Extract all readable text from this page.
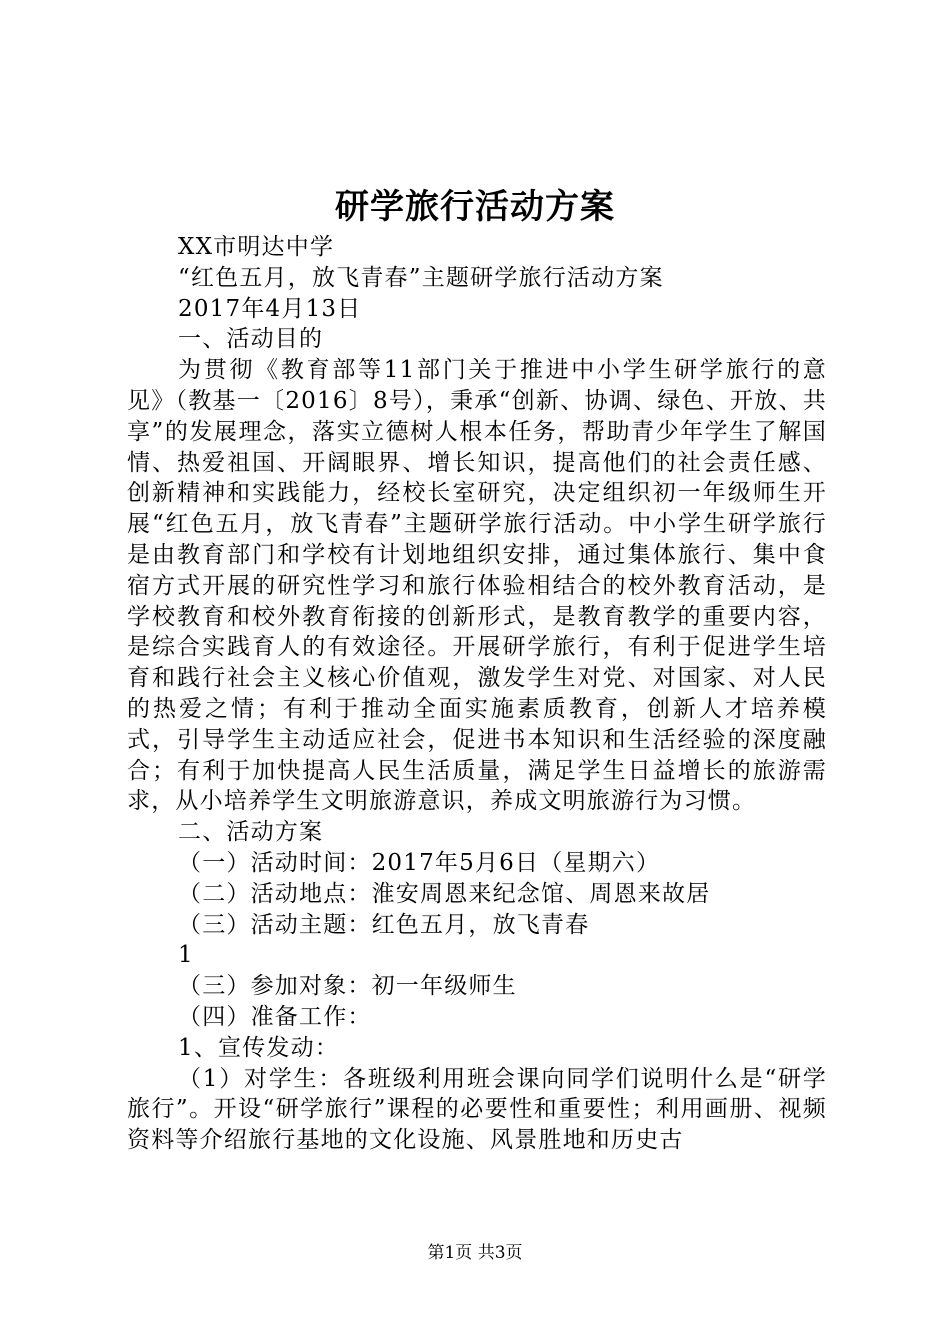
研学旅行活动方案
XX市明达中学
“红色五月，放飞青春”主题研学旅行活动方案
2017年4月13日
一、活动目的

为贯彻《教育部等11部门关于推进中小学生研学旅行的意见》（教基一〔2016〕8号），秉承“创新、协调、绿色、开放、共享”的发展理念，落实立德树人根本任务，帮助青少年学生了解国情、热爱祖国、开阔眼界、增长知识，提高他们的社会责任感、创新精神和实践能力，经校长室研究，决定组织初一年级师生开展“红色五月，放飞青春”主题研学旅行活动。中小学生研学旅行是由教育部门和学校有计划地组织安排，通过集体旅行、集中食宿方式开展的研究性学习和旅行体验相结合的校外教育活动，是学校教育和校外教育衔接的创新形式，是教育教学的重要内容，是综合实践育人的有效途径。开展研学旅行，有利于促进学生培育和践行社会主义核心价值观，激发学生对党、对国家、对人民的热爱之情；有利于推动全面实施素质教育，创新人才培养模式，引导学生主动适应社会，促进书本知识和生活经验的深度融合；有利于加快提高人民生活质量，满足学生日益增长的旅游需求，从小培养学生文明旅游意识，养成文明旅游行为习惯。

二、活动方案
（一）活动时间：2017年5月6日（星期六）
（二）活动地点：淮安周恩来纪念馆、周恩来故居
（三）活动主题：红色五月，放飞青春
1
（三）参加对象：初一年级师生
（四）准备工作：
1、宣传发动：

（1）对学生：各班级利用班会课向同学们说明什么是“研学旅行”。开设“研学旅行”课程的必要性和重要性；利用画册、视频资料等介绍旅行基地的文化设施、风景胜地和历史古

第1页 共3页
